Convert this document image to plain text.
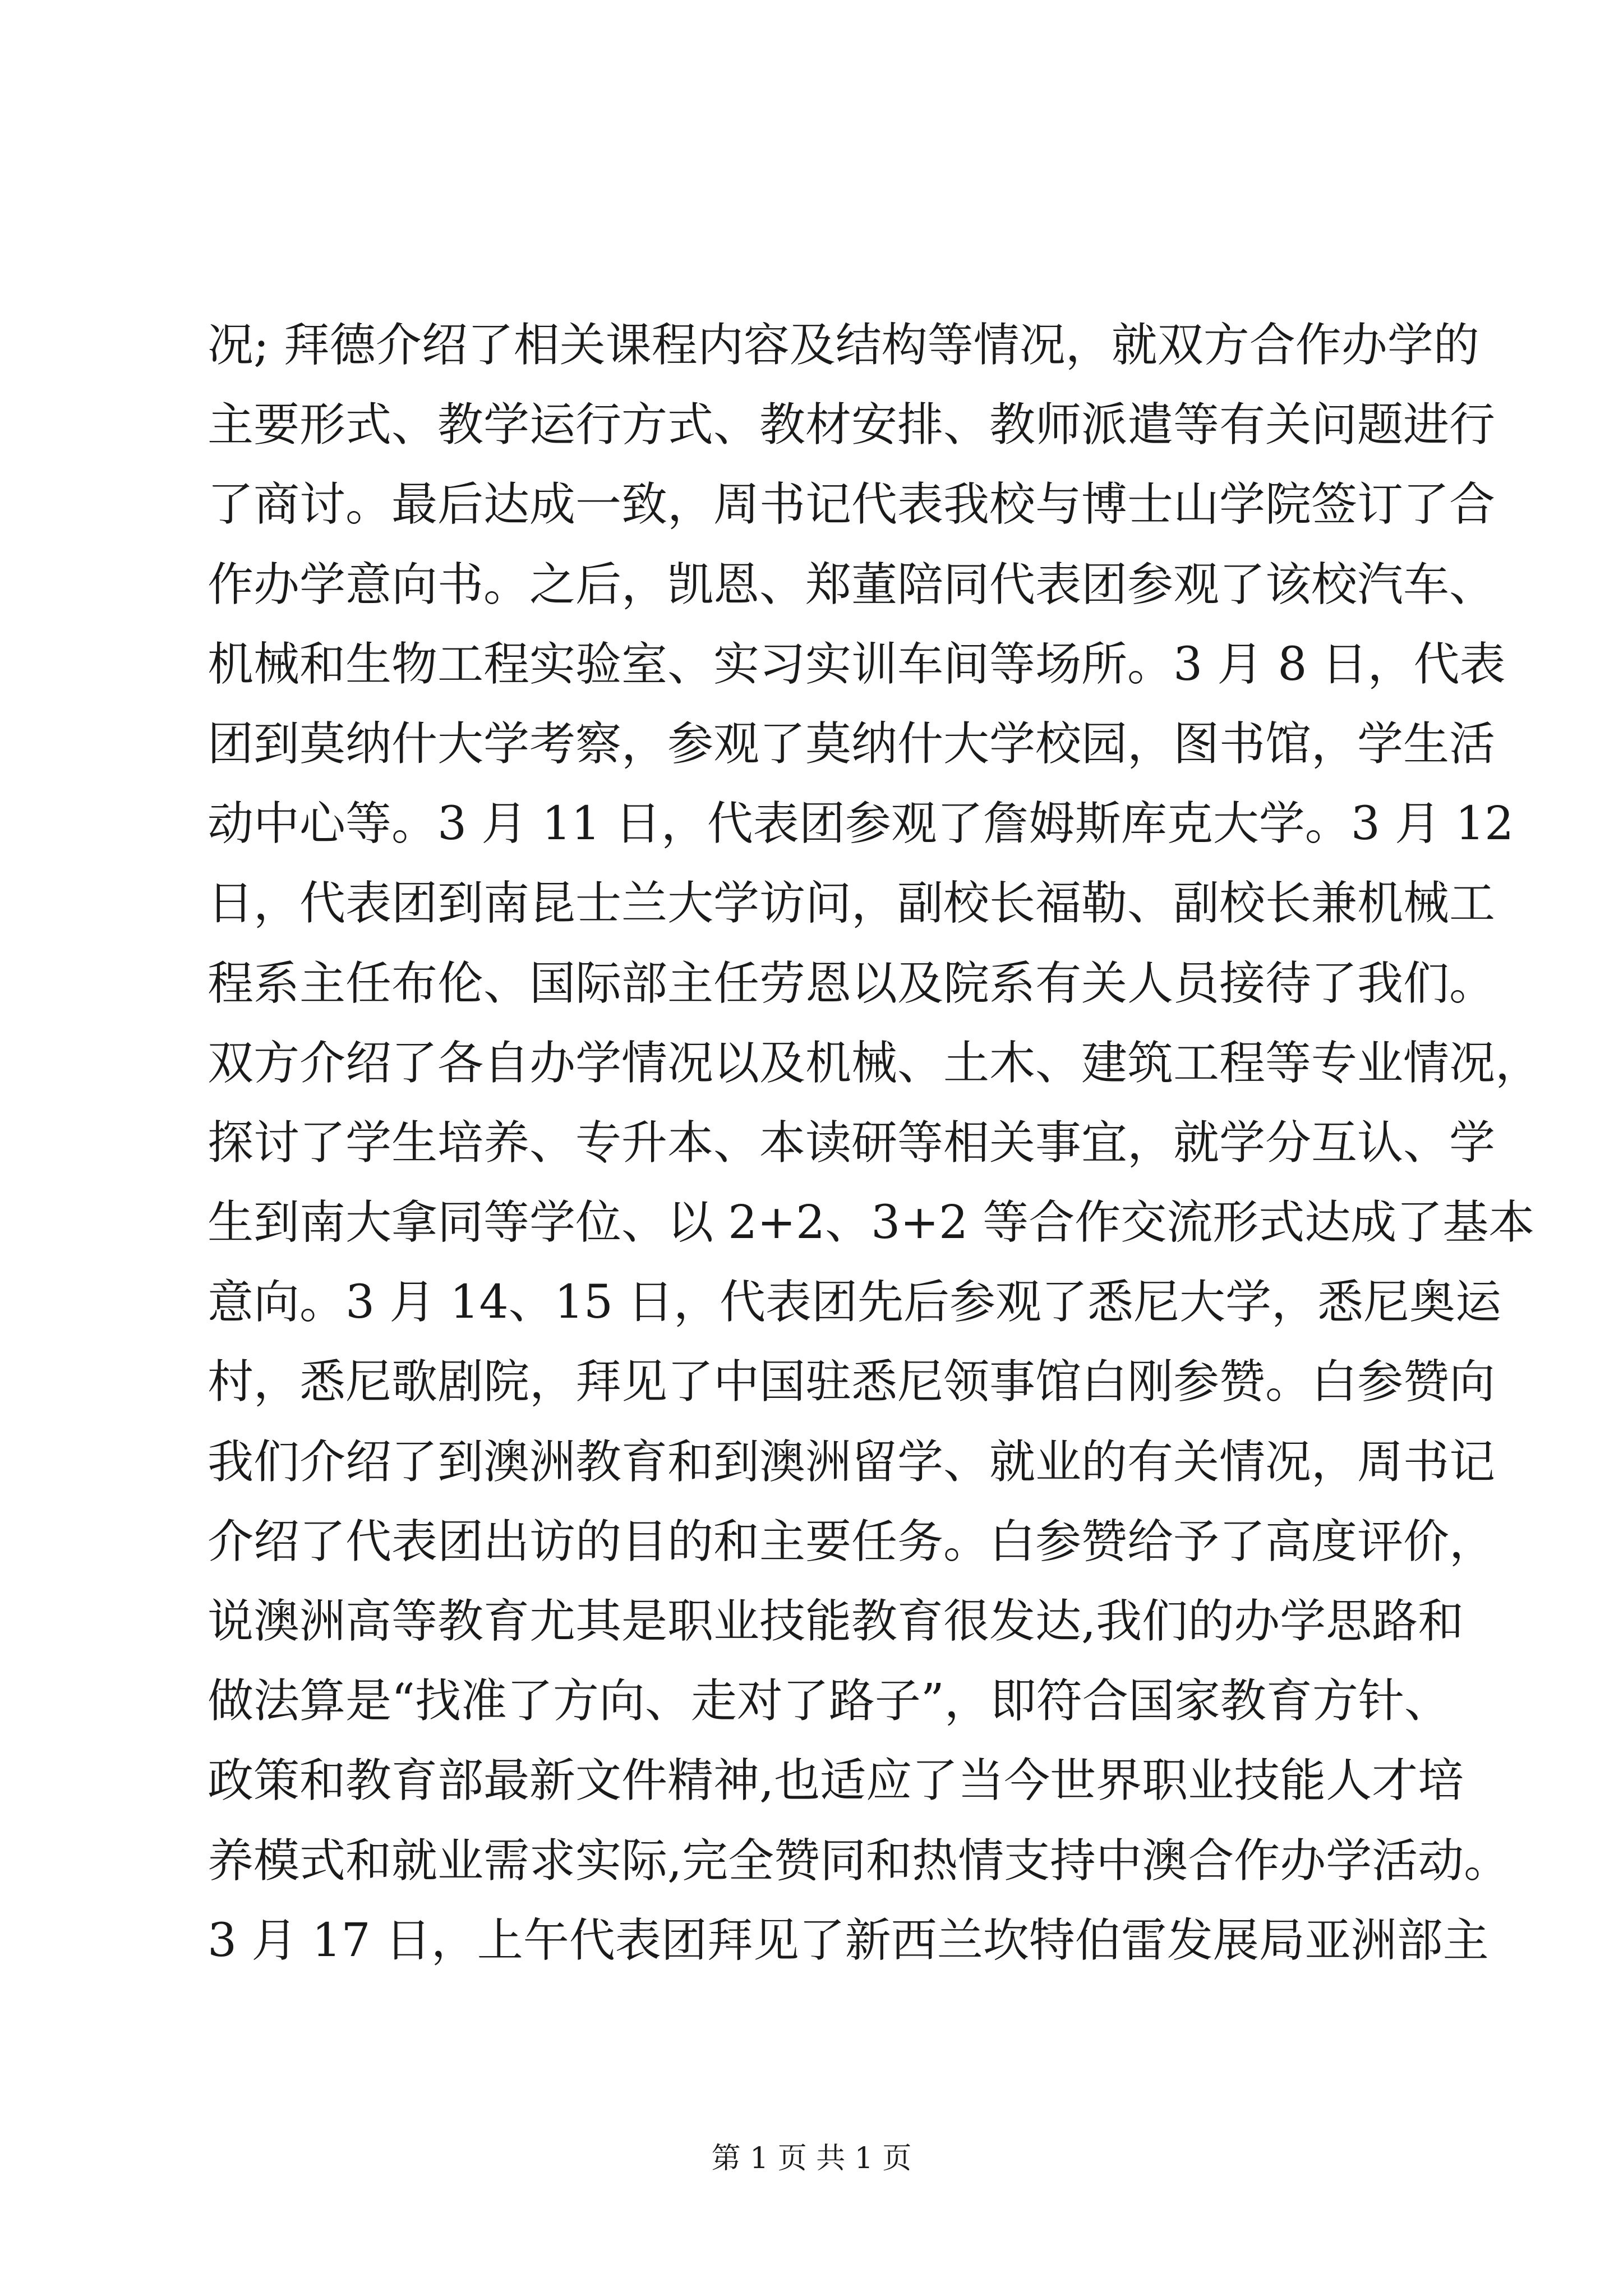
况; 拜德介绍了相关课程内容及结构等情况，就双方合作办学的
主要形式、教学运行方式、教材安排、教师派遣等有关问题进行
了商讨。最后达成一致，周书记代表我校与博士山学院签订了合
作办学意向书。之后，凯恩、郑董陪同代表团参观了该校汽车、
机械和生物工程实验室、实习实训车间等场所。3 月 8 日，代表
团到莫纳什大学考察，参观了莫纳什大学校园，图书馆，学生活
动中心等。3 月 11 日，代表团参观了詹姆斯库克大学。3 月 12
日，代表团到南昆士兰大学访问，副校长福勒、副校长兼机械工
程系主任布伦、国际部主任劳恩以及院系有关人员接待了我们。
双方介绍了各自办学情况以及机械、土木、建筑工程等专业情况，
探讨了学生培养、专升本、本读研等相关事宜，就学分互认、学
生到南大拿同等学位、以 2+2、3+2 等合作交流形式达成了基本
意向。3 月 14、15 日，代表团先后参观了悉尼大学，悉尼奥运
村，悉尼歌剧院，拜见了中国驻悉尼领事馆白刚参赞。白参赞向
我们介绍了到澳洲教育和到澳洲留学、就业的有关情况，周书记
介绍了代表团出访的目的和主要任务。白参赞给予了高度评价，
说澳洲高等教育尤其是职业技能教育很发达,我们的办学思路和
做法算是“找准了方向、走对了路子”，即符合国家教育方针、
政策和教育部最新文件精神,也适应了当今世界职业技能人才培
养模式和就业需求实际,完全赞同和热情支持中澳合作办学活动。
3 月 17 日，上午代表团拜见了新西兰坎特伯雷发展局亚洲部主
第 1 页 共 1 页
